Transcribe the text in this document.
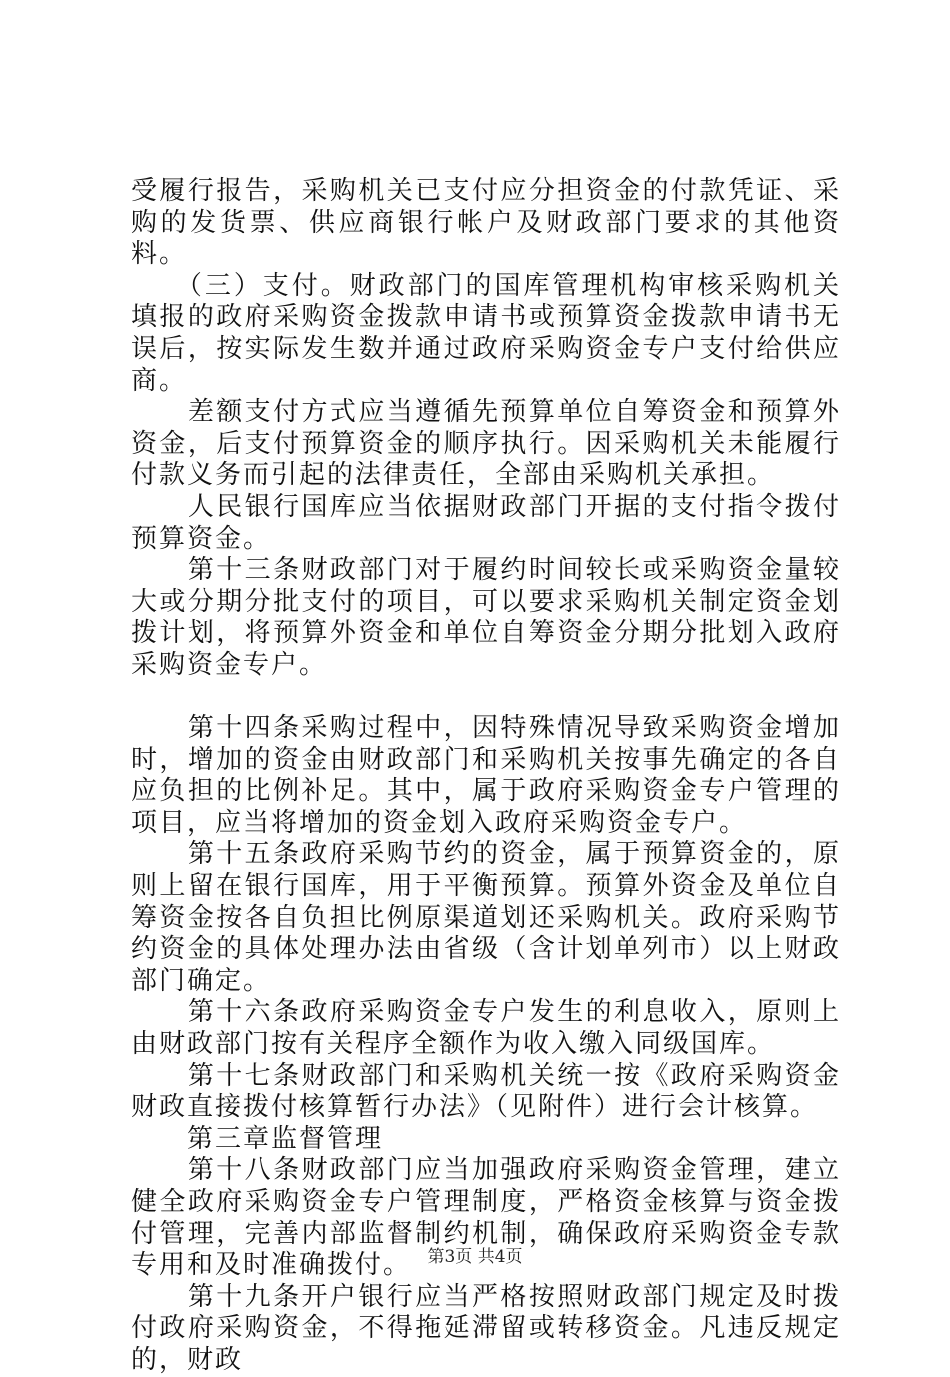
受履行报告，采购机关已支付应分担资金的付款凭证、采购的发货票、供应商银行帐户及财政部门要求的其他资料。

　　（三）支付。财政部门的国库管理机构审核采购机关填报的政府采购资金拨款申请书或预算资金拨款申请书无误后，按实际发生数并通过政府采购资金专户支付给供应商。

　　差额支付方式应当遵循先预算单位自筹资金和预算外资金，后支付预算资金的顺序执行。因采购机关未能履行付款义务而引起的法律责任，全部由采购机关承担。

　　人民银行国库应当依据财政部门开据的支付指令拨付预算资金。

　　第十三条财政部门对于履约时间较长或采购资金量较大或分期分批支付的项目，可以要求采购机关制定资金划拨计划，将预算外资金和单位自筹资金分期分批划入政府采购资金专户。

　　第十四条采购过程中，因特殊情况导致采购资金增加时，增加的资金由财政部门和采购机关按事先确定的各自应负担的比例补足。其中，属于政府采购资金专户管理的项目，应当将增加的资金划入政府采购资金专户。

　　第十五条政府采购节约的资金，属于预算资金的，原则上留在银行国库，用于平衡预算。预算外资金及单位自筹资金按各自负担比例原渠道划还采购机关。政府采购节约资金的具体处理办法由省级（含计划单列市）以上财政部门确定。

　　第十六条政府采购资金专户发生的利息收入，原则上由财政部门按有关程序全额作为收入缴入同级国库。

　　第十七条财政部门和采购机关统一按《政府采购资金财政直接拨付核算暂行办法》（见附件）进行会计核算。

　　第三章监督管理

　　第十八条财政部门应当加强政府采购资金管理，建立健全政府采购资金专户管理制度，严格资金核算与资金拨付管理，完善内部监督制约机制，确保政府采购资金专款专用和及时准确拨付。

　　第十九条开户银行应当严格按照财政部门规定及时拨付政府采购资金，不得拖延滞留或转移资金。凡违反规定的，财政

第3页 共4页
